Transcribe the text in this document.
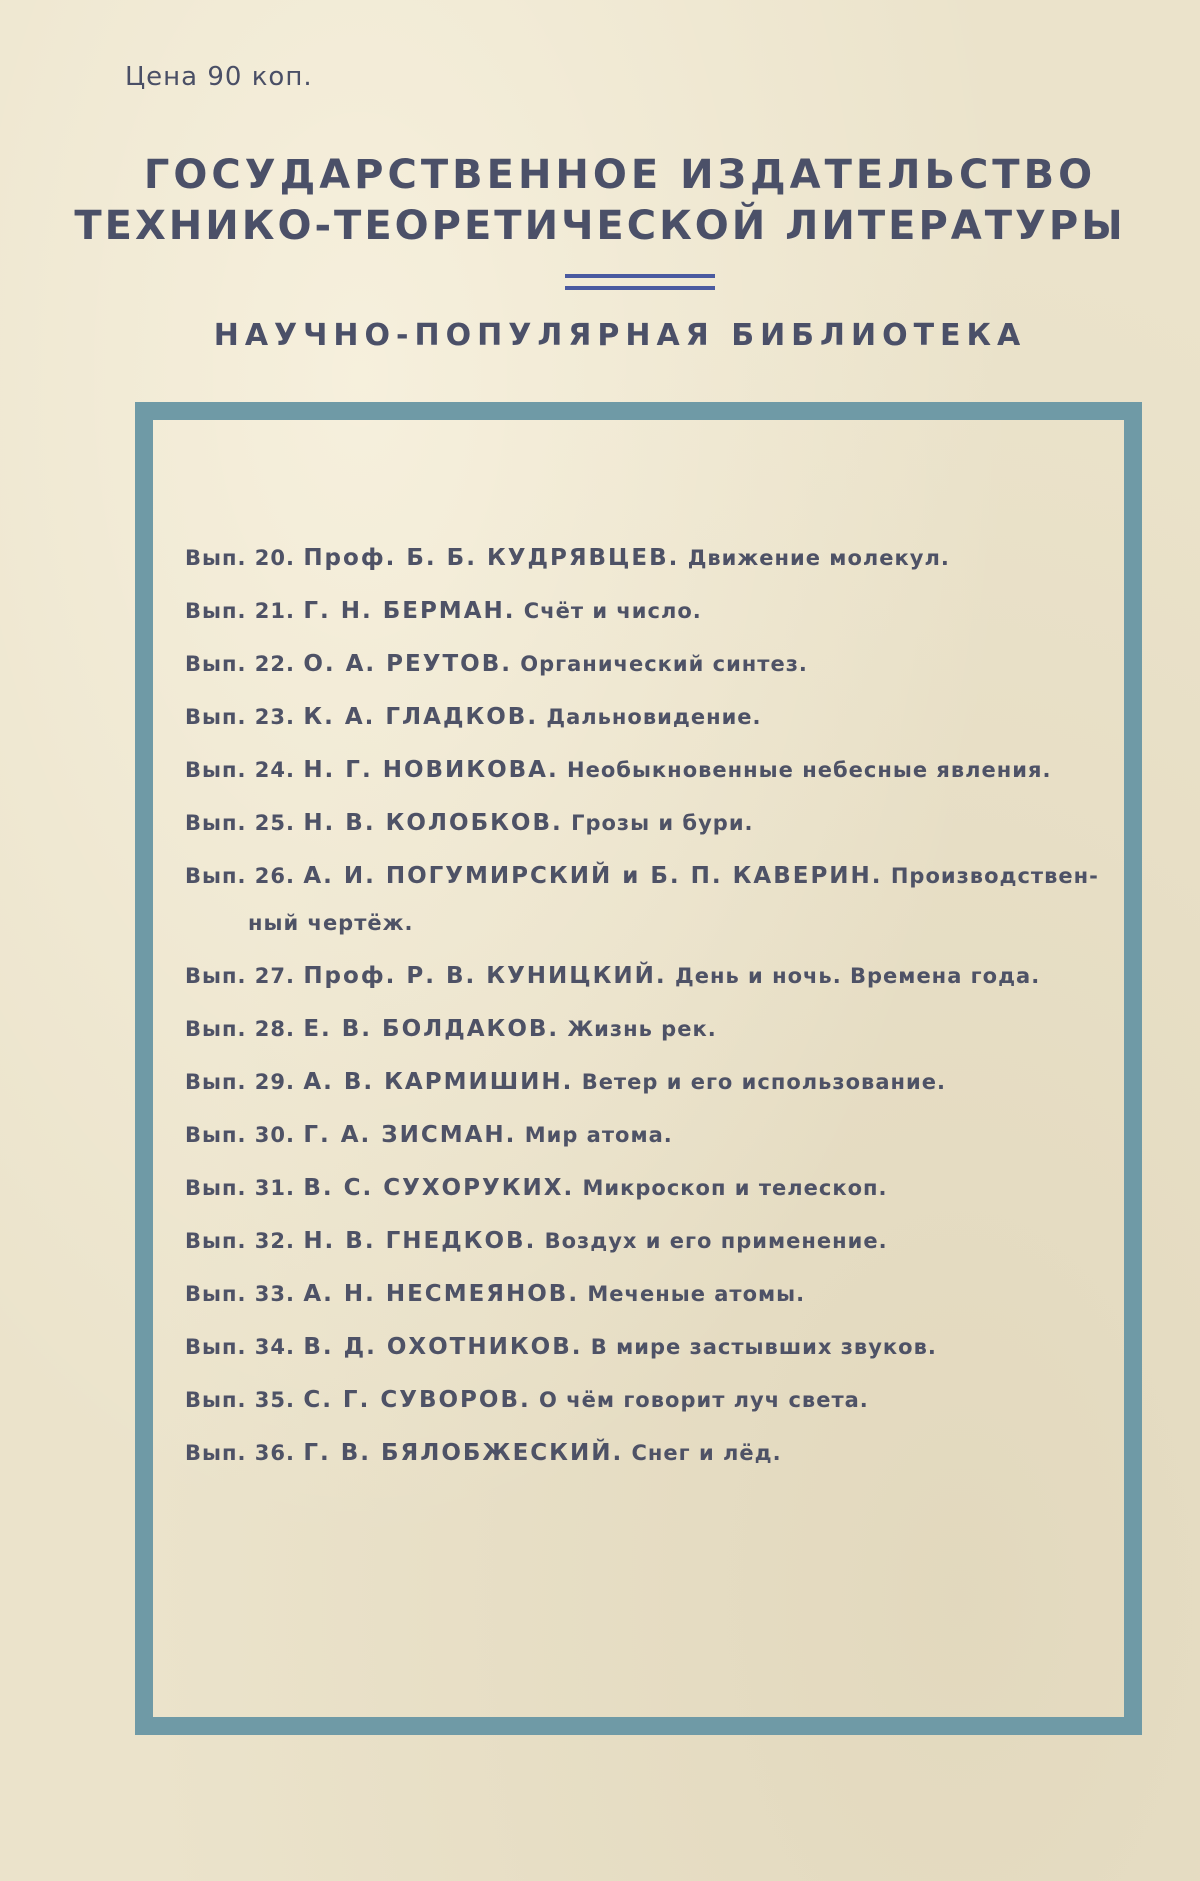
Цена 90 коп.
ГОСУДАРСТВЕННОЕ ИЗДАТЕЛЬСТВО
ТЕХНИКО-ТЕОРЕТИЧЕСКОЙ ЛИТЕРАТУРЫ
НАУЧНО-ПОПУЛЯРНАЯ БИБЛИОТЕКА
Вып. 20. Проф. Б. Б. КУДРЯВЦЕВ. Движение молекул.
Вып. 21. Г. Н. БЕРМАН. Счёт и число.
Вып. 22. О. А. РЕУТОВ. Органический синтез.
Вып. 23. К. А. ГЛАДКОВ. Дальновидение.
Вып. 24. Н. Г. НОВИКОВА. Необыкновенные небесные явления.
Вып. 25. Н. В. КОЛОБКОВ. Грозы и бури.
Вып. 26. А. И. ПОГУМИРСКИЙ и Б. П. КАВЕРИН. Производствен-
ный чертёж.
Вып. 27. Проф. Р. В. КУНИЦКИЙ. День и ночь. Времена года.
Вып. 28. Е. В. БОЛДАКОВ. Жизнь рек.
Вып. 29. А. В. КАРМИШИН. Ветер и его использование.
Вып. 30. Г. А. ЗИСМАН. Мир атома.
Вып. 31. В. С. СУХОРУКИХ. Микроскоп и телескоп.
Вып. 32. Н. В. ГНЕДКОВ. Воздух и его применение.
Вып. 33. А. Н. НЕСМЕЯНОВ. Меченые атомы.
Вып. 34. В. Д. ОХОТНИКОВ. В мире застывших звуков.
Вып. 35. С. Г. СУВОРОВ. О чём говорит луч света.
Вып. 36. Г. В. БЯЛОБЖЕСКИЙ. Снег и лёд.
